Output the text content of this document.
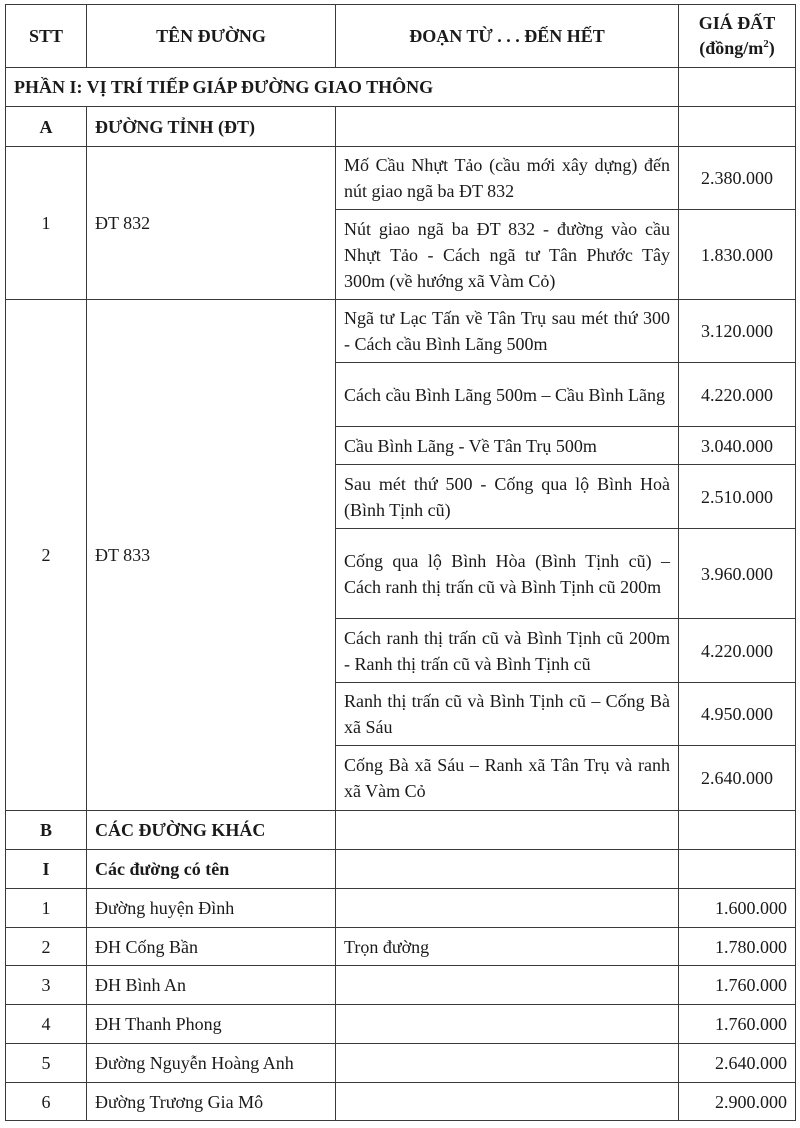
STT	TÊN ĐƯỜNG	ĐOẠN TỪ . . . ĐẾN HẾT	GIÁ ĐẤT
$(đồng/m^2)$
PHẦN I: VỊ TRÍ TIẾP GIÁP ĐƯỜNG GIAO THÔNG			
A	ĐƯỜNG TỈNH (ĐT)		
1	ĐT 832	Mố Cầu Nhựt Tảo (cầu mới xây dựng) đến nút giao ngã ba ĐT 832	2.380.000
		Nút giao ngã ba ĐT 832 - đường vào cầu Nhựt Tảo - Cách ngã tư Tân Phước Tây 300m (về hướng xã Vàm Cỏ)	1.830.000
2	ĐT 833	Ngã tư Lạc Tấn về Tân Trụ sau mét thứ 300 - Cách cầu Bình Lãng 500m	3.120.000
		Cách cầu Bình Lãng 500m – Cầu Bình Lãng	4.220.000
		Cầu Bình Lãng - Về Tân Trụ 500m	3.040.000
		Sau mét thứ 500 - Cống qua lộ Bình Hoà (Bình Tịnh cũ)	2.510.000
		Cống qua lộ Bình Hòa (Bình Tịnh cũ) – Cách ranh thị trấn cũ và Bình Tịnh cũ 200m	3.960.000
		Cách ranh thị trấn cũ và Bình Tịnh cũ 200m - Ranh thị trấn cũ và Bình Tịnh cũ	4.220.000
		Ranh thị trấn cũ và Bình Tịnh cũ – Cống Bà xã Sáu	4.950.000
		Cống Bà xã Sáu – Ranh xã Tân Trụ và ranh xã Vàm Cỏ	2.640.000
B	CÁC ĐƯỜNG KHÁC		
I	Các đường có tên		
1	Đường huyện Đình		1.600.000
2	ĐH Cống Bần	Trọn đường	1.780.000
3	ĐH Bình An		1.760.000
4	ĐH Thanh Phong		1.760.000
5	Đường Nguyễn Hoàng Anh		2.640.000
6	Đường Trương Gia Mô		2.900.000
